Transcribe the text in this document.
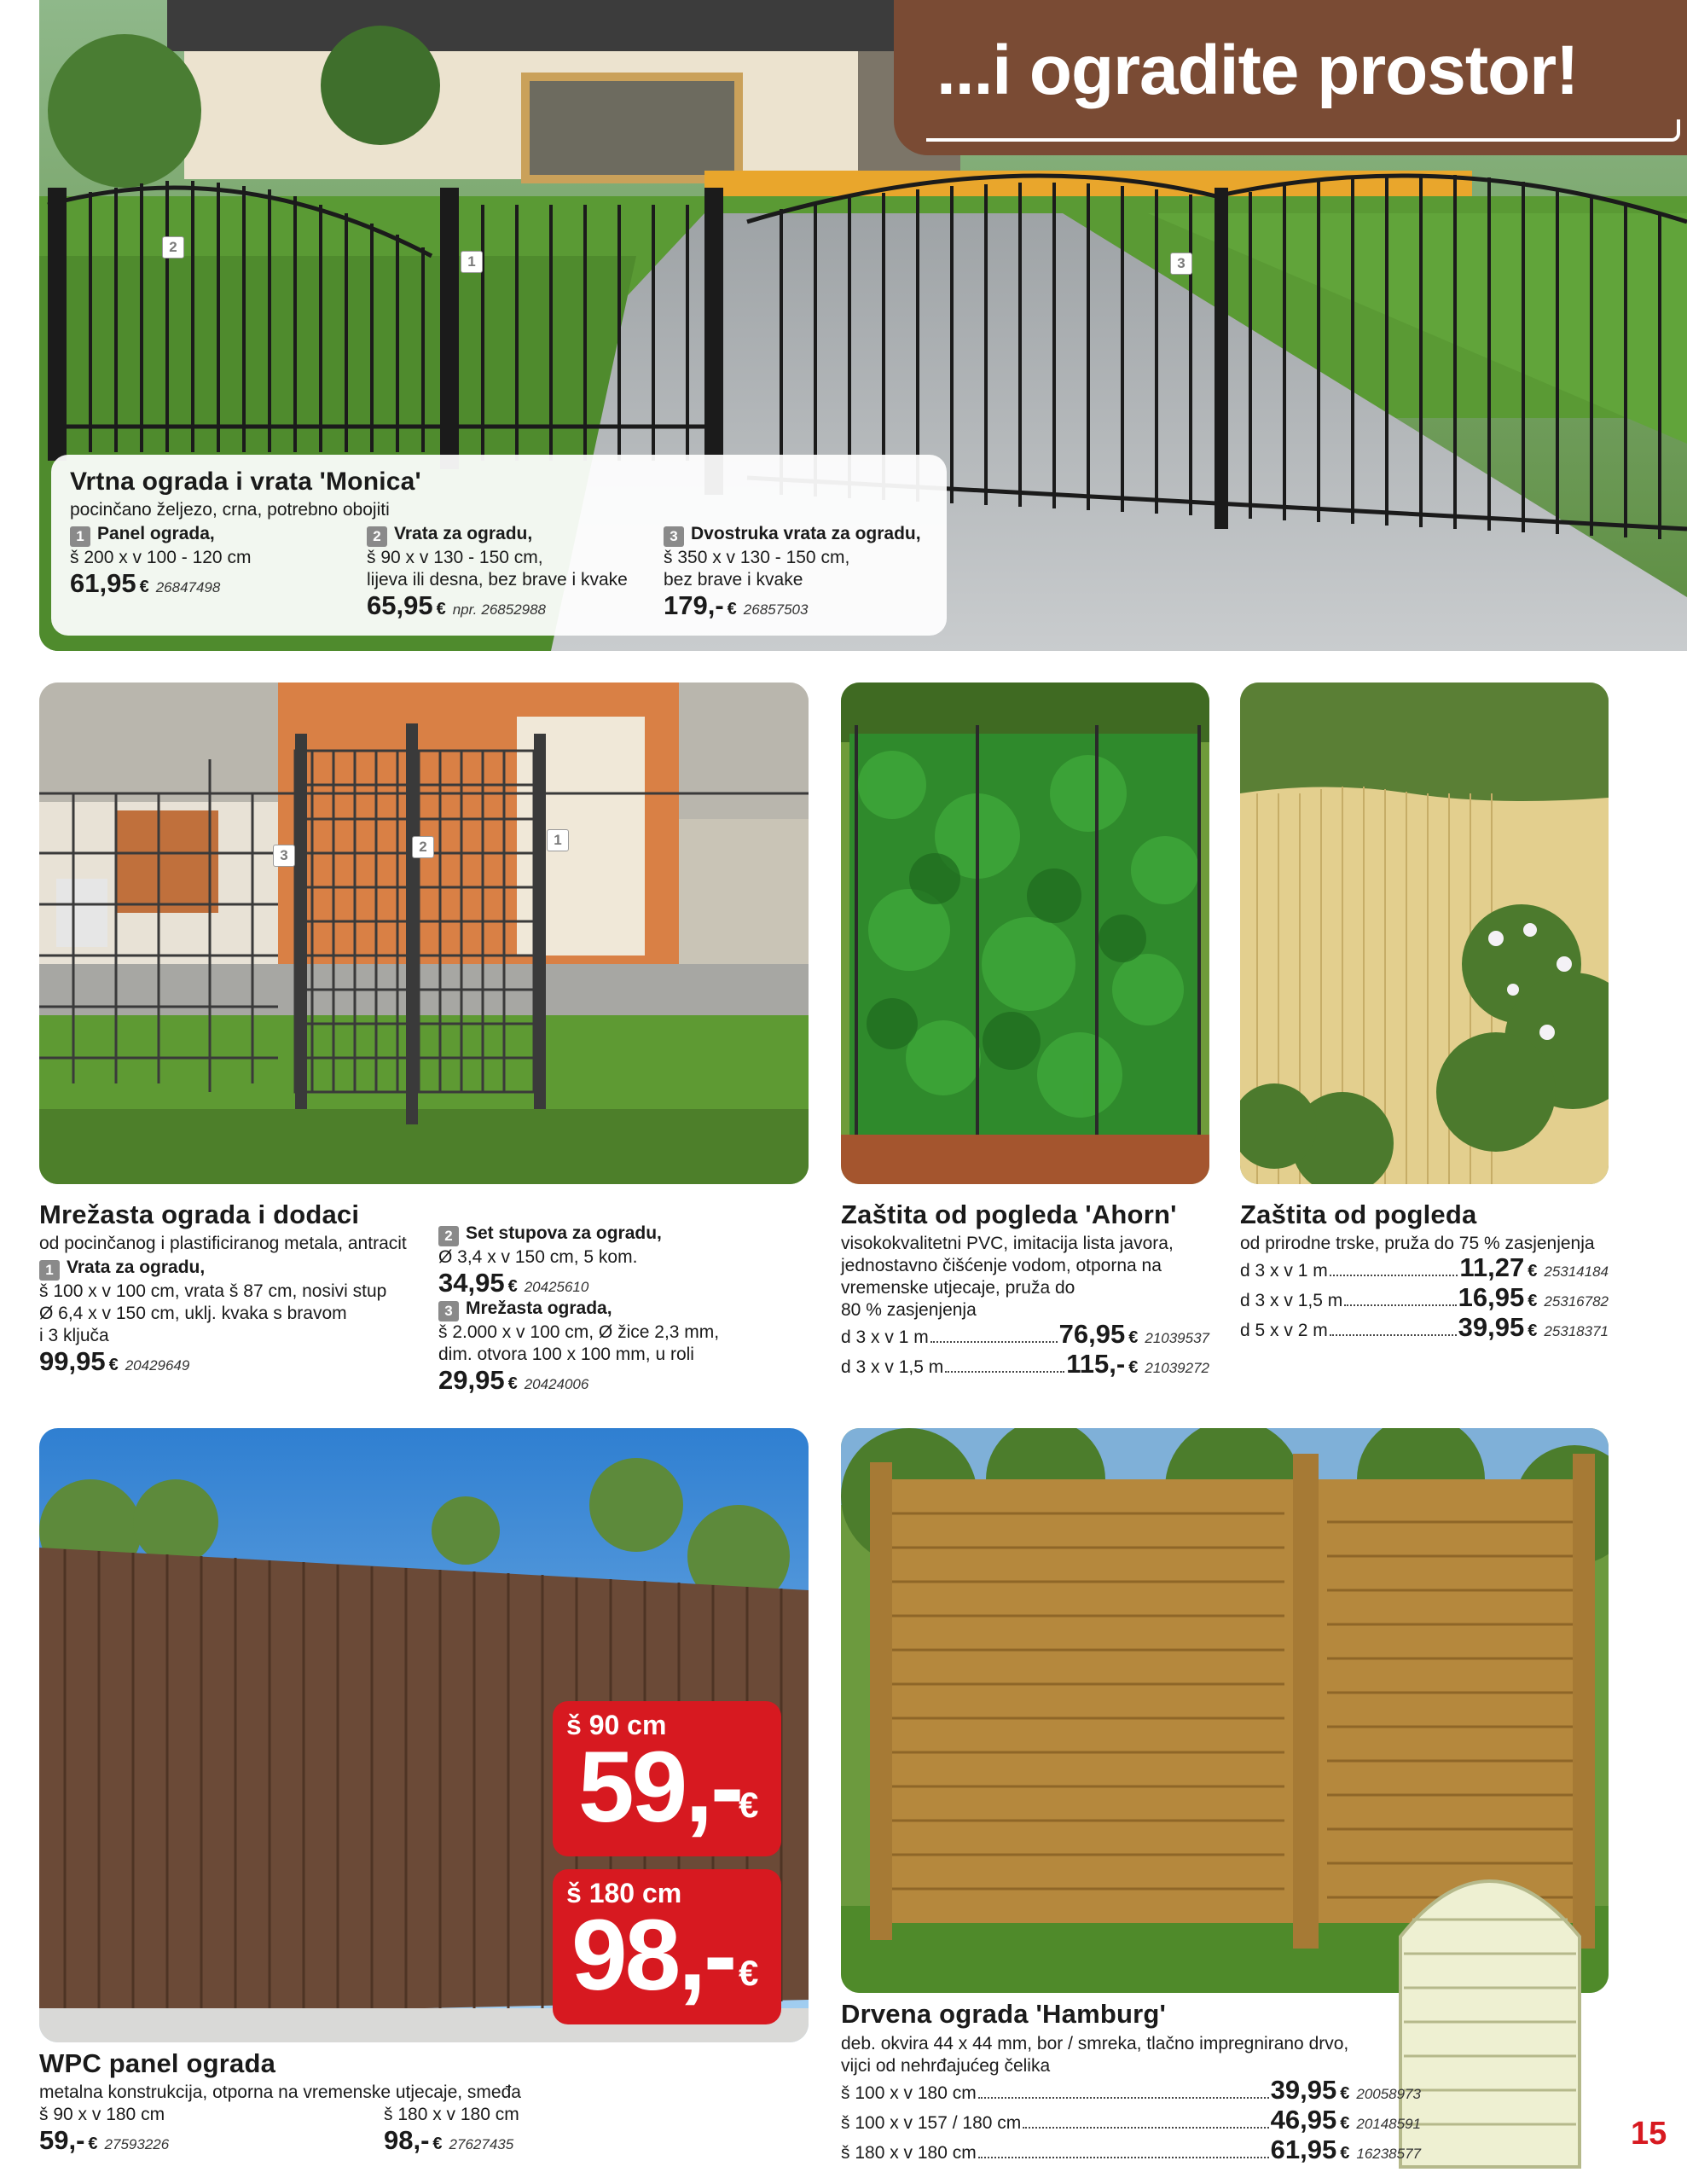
2
1	3
...i ogradite prostor!
Vrtna ograda i vrata 'Monica'
pocinčano željezo, crna, potrebno obojiti
1 Panel ograda,
š 200 x v 100 - 120 cm
61,95 € 26847498
2 Vrata za ogradu,
š 90 x v 130 - 150 cm,
lijeva ili desna, bez brave i kvake
65,95 € npr. 26852988
3 Dvostruka vrata za ogradu,
š 350 x v 130 - 150 cm,
bez brave i kvake
179,- € 26857503
3
2	1
Mrežasta ograda i dodaci
od pocinčanog i plastificiranog metala, antracit
1 Vrata za ogradu,
š 100 x v 100 cm, vrata š 87 cm, nosivi stup
Ø 6,4 x v 150 cm, uklj. kvaka s bravom
i 3 ključa
99,95 € 20429649
2 Set stupova za ogradu,
Ø 3,4 x v 150 cm, 5 kom.
34,95 € 20425610
3 Mrežasta ograda,
š 2.000 x v 100 cm, Ø žice 2,3 mm,
dim. otvora 100 x 100 mm, u roli
29,95 € 20424006
Zaštita od pogleda 'Ahorn'
visokokvalitetni PVC, imitacija lista javora,
jednostavno čišćenje vodom, otporna na
vremenske utjecaje, pruža do
80 % zasjenjenja
d 3 x v 1 m	76,95 € 21039537
d 3 x v 1,5 m	115,- € 21039272
Zaštita od pogleda
od prirodne trske, pruža do 75 % zasjenjenja
d 3 x v 1 m	11,27 € 25314184
d 3 x v 1,5 m	16,95 € 25316782
d 5 x v 2 m	39,95 € 25318371
š 90 cm
59,-
€
š 180 cm
98,- €
WPC panel ograda
metalna konstrukcija, otporna na vremenske utjecaje, smeđa
š 90 x v 180 cm
59,- € 27593226
š 180 x v 180 cm
98,- € 27627435
Drvena ograda 'Hamburg'
deb. okvira 44 x 44 mm, bor / smreka, tlačno impregnirano drvo,
vijci od nehrđajućeg čelika
š 100 x v 180 cm	39,95 € 20058973
š 100 x v 157 / 180 cm	46,95 € 20148591
š 180 x v 180 cm	61,95 € 16238577
15
